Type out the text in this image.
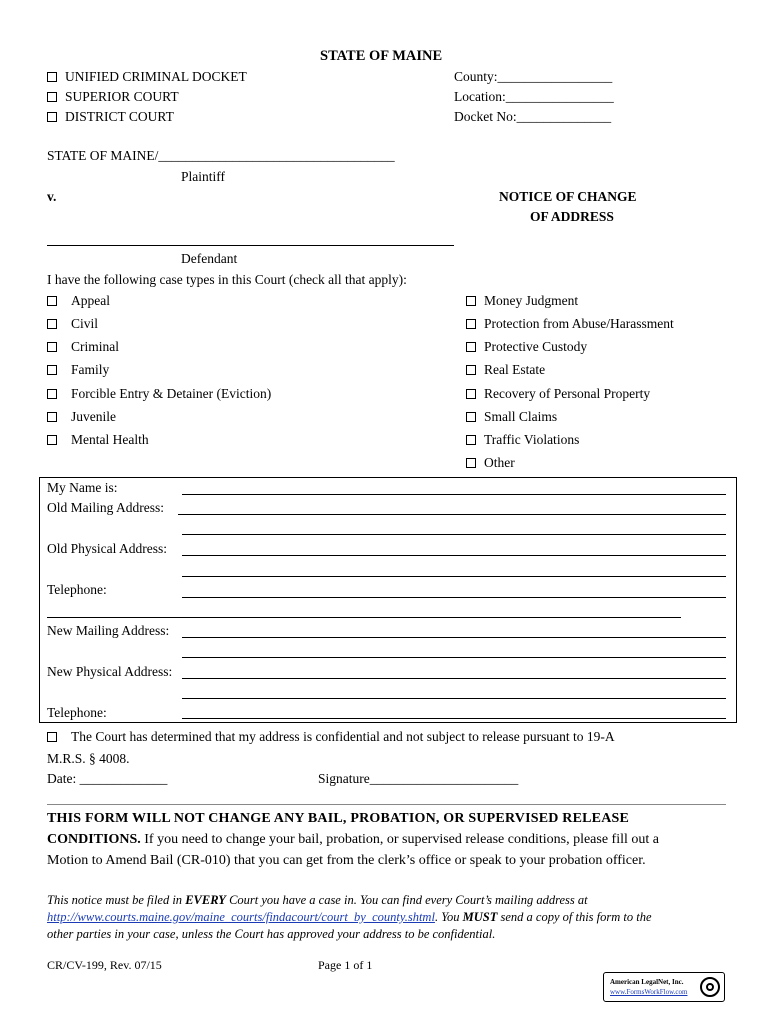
STATE OF MAINE
UNIFIED CRIMINAL DOCKET
SUPERIOR COURT
DISTRICT COURT
County:_________________
Location:________________
Docket No:______________
STATE OF MAINE/___________________________________
Plaintiff
v.	NOTICE OF CHANGE
OF ADDRESS
Defendant
I have the following case types in this Court (check all that apply):
Appeal
Civil
Criminal
Family
Forcible Entry & Detainer (Eviction)
Juvenile
Mental Health
Money Judgment
Protection from Abuse/Harassment
Protective Custody
Real Estate
Recovery of Personal Property
Small Claims
Traffic Violations
Other
My Name is:
Old Mailing Address:
Old Physical Address:
Telephone:
New Mailing Address:
New Physical Address:
Telephone:
The Court has determined that my address is confidential and not subject to release pursuant to 19-A
M.R.S. § 4008.
Date: _____________	Signature______________________
THIS FORM WILL NOT CHANGE ANY BAIL, PROBATION, OR SUPERVISED RELEASE
CONDITIONS. If you need to change your bail, probation, or supervised release conditions, please fill out a
Motion to Amend Bail (CR-010) that you can get from the clerk’s office or speak to your probation officer.
This notice must be filed in EVERY Court you have a case in. You can find every Court’s mailing address at
http://www.courts.maine.gov/maine_courts/findacourt/court_by_county.shtml. You MUST send a copy of this form to the
other parties in your case, unless the Court has approved your address to be confidential.
CR/CV-199, Rev. 07/15	Page 1 of 1
American LegalNet, Inc.
www.FormsWorkFlow.com
